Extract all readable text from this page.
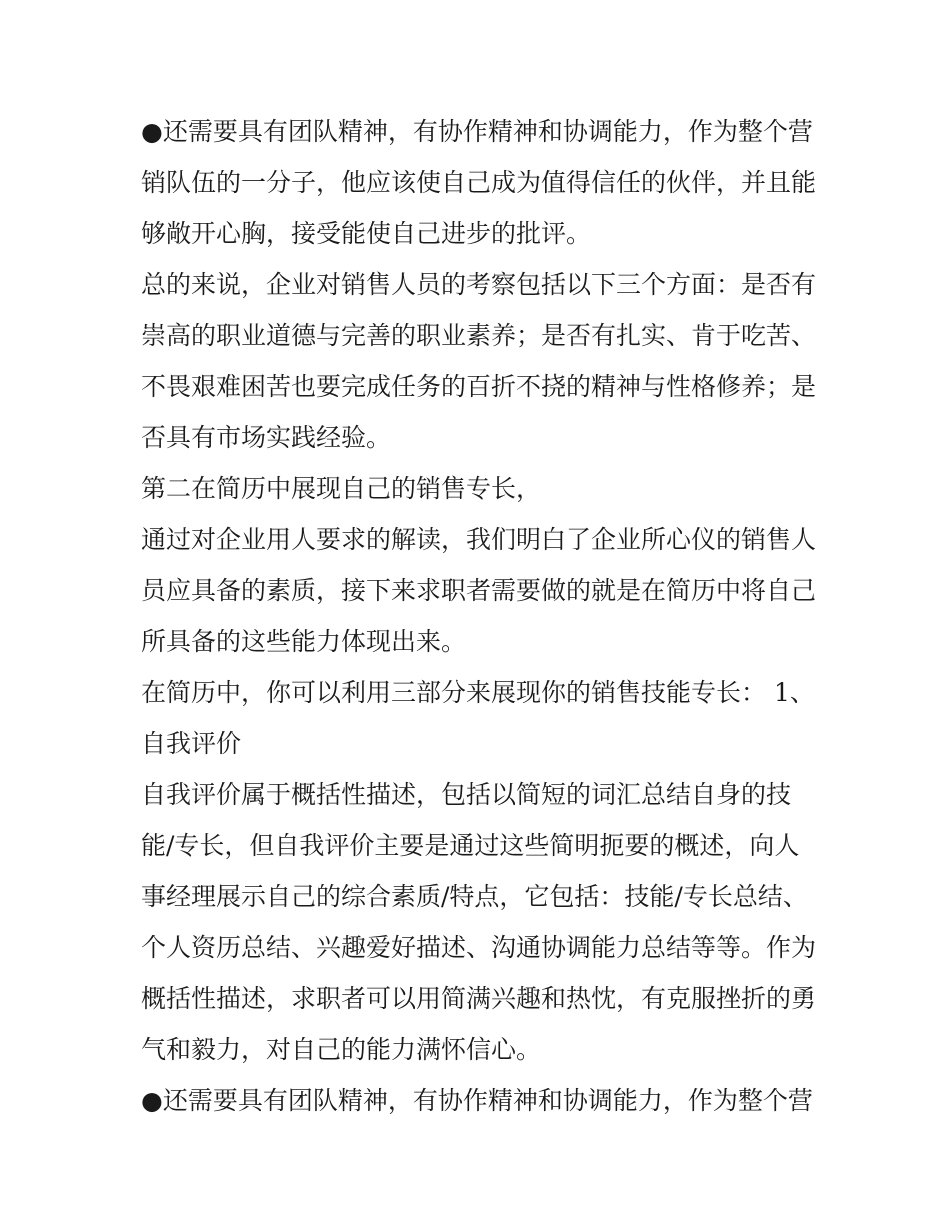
●还需要具有团队精神，有协作精神和协调能力，作为整个营
销队伍的一分子，他应该使自己成为值得信任的伙伴，并且能
够敞开心胸，接受能使自己进步的批评。
总的来说，企业对销售人员的考察包括以下三个方面：是否有
崇高的职业道德与完善的职业素养；是否有扎实、肯于吃苦、
不畏艰难困苦也要完成任务的百折不挠的精神与性格修养；是
否具有市场实践经验。
第二在简历中展现自己的销售专长，
通过对企业用人要求的解读，我们明白了企业所心仪的销售人
员应具备的素质，接下来求职者需要做的就是在简历中将自己
所具备的这些能力体现出来。
在简历中，你可以利用三部分来展现你的销售技能专长： 1、
自我评价
自我评价属于概括性描述，包括以简短的词汇总结自身的技
能/专长，但自我评价主要是通过这些简明扼要的概述，向人
事经理展示自己的综合素质/特点，它包括：技能/专长总结、
个人资历总结、兴趣爱好描述、沟通协调能力总结等等。作为
概括性描述，求职者可以用简满兴趣和热忱，有克服挫折的勇
气和毅力，对自己的能力满怀信心。
●还需要具有团队精神，有协作精神和协调能力，作为整个营
